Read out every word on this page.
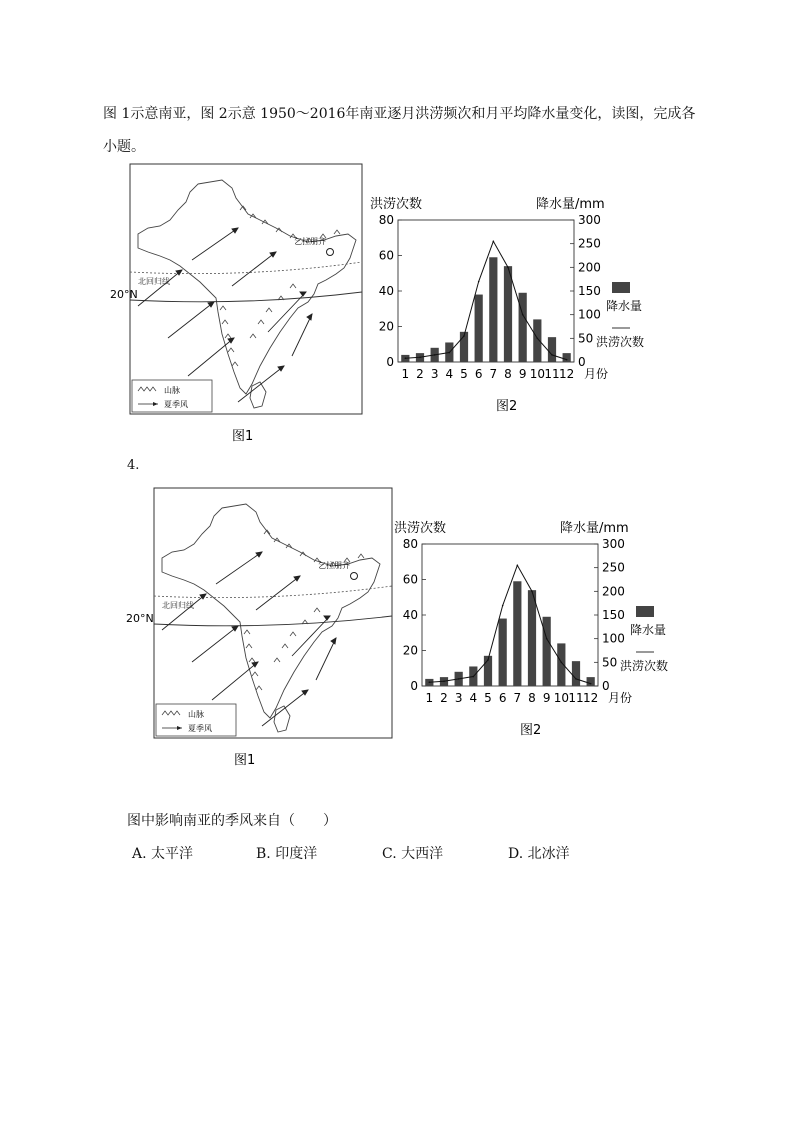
图 1示意南亚，图 2示意 1950～2016年南亚逐月洪涝频次和月平均降水量变化，读图，完成各小题。
乞拉朋齐
北回归线
山脉
夏季风
20°N
图1
洪涝次数	降水量/mm
0
20
40
60
80
0
50
100
150
200
250
300
1 2 3 4 5 6 7 8 9 10 11 12 月份
降水量
洪涝次数
图2
4.
乞拉朋齐
北回归线
山脉
夏季风
20°N
图1
洪涝次数	降水量/mm
0
20
40
60
80
0
50
100
150
200
250
300
1 2 3 4 5 6 7 8 9 10 11 12 月份
降水量
洪涝次数
图2
图中影响南亚的季风来自（　　）
A. 太平洋	B. 印度洋	C. 大西洋	D. 北冰洋
